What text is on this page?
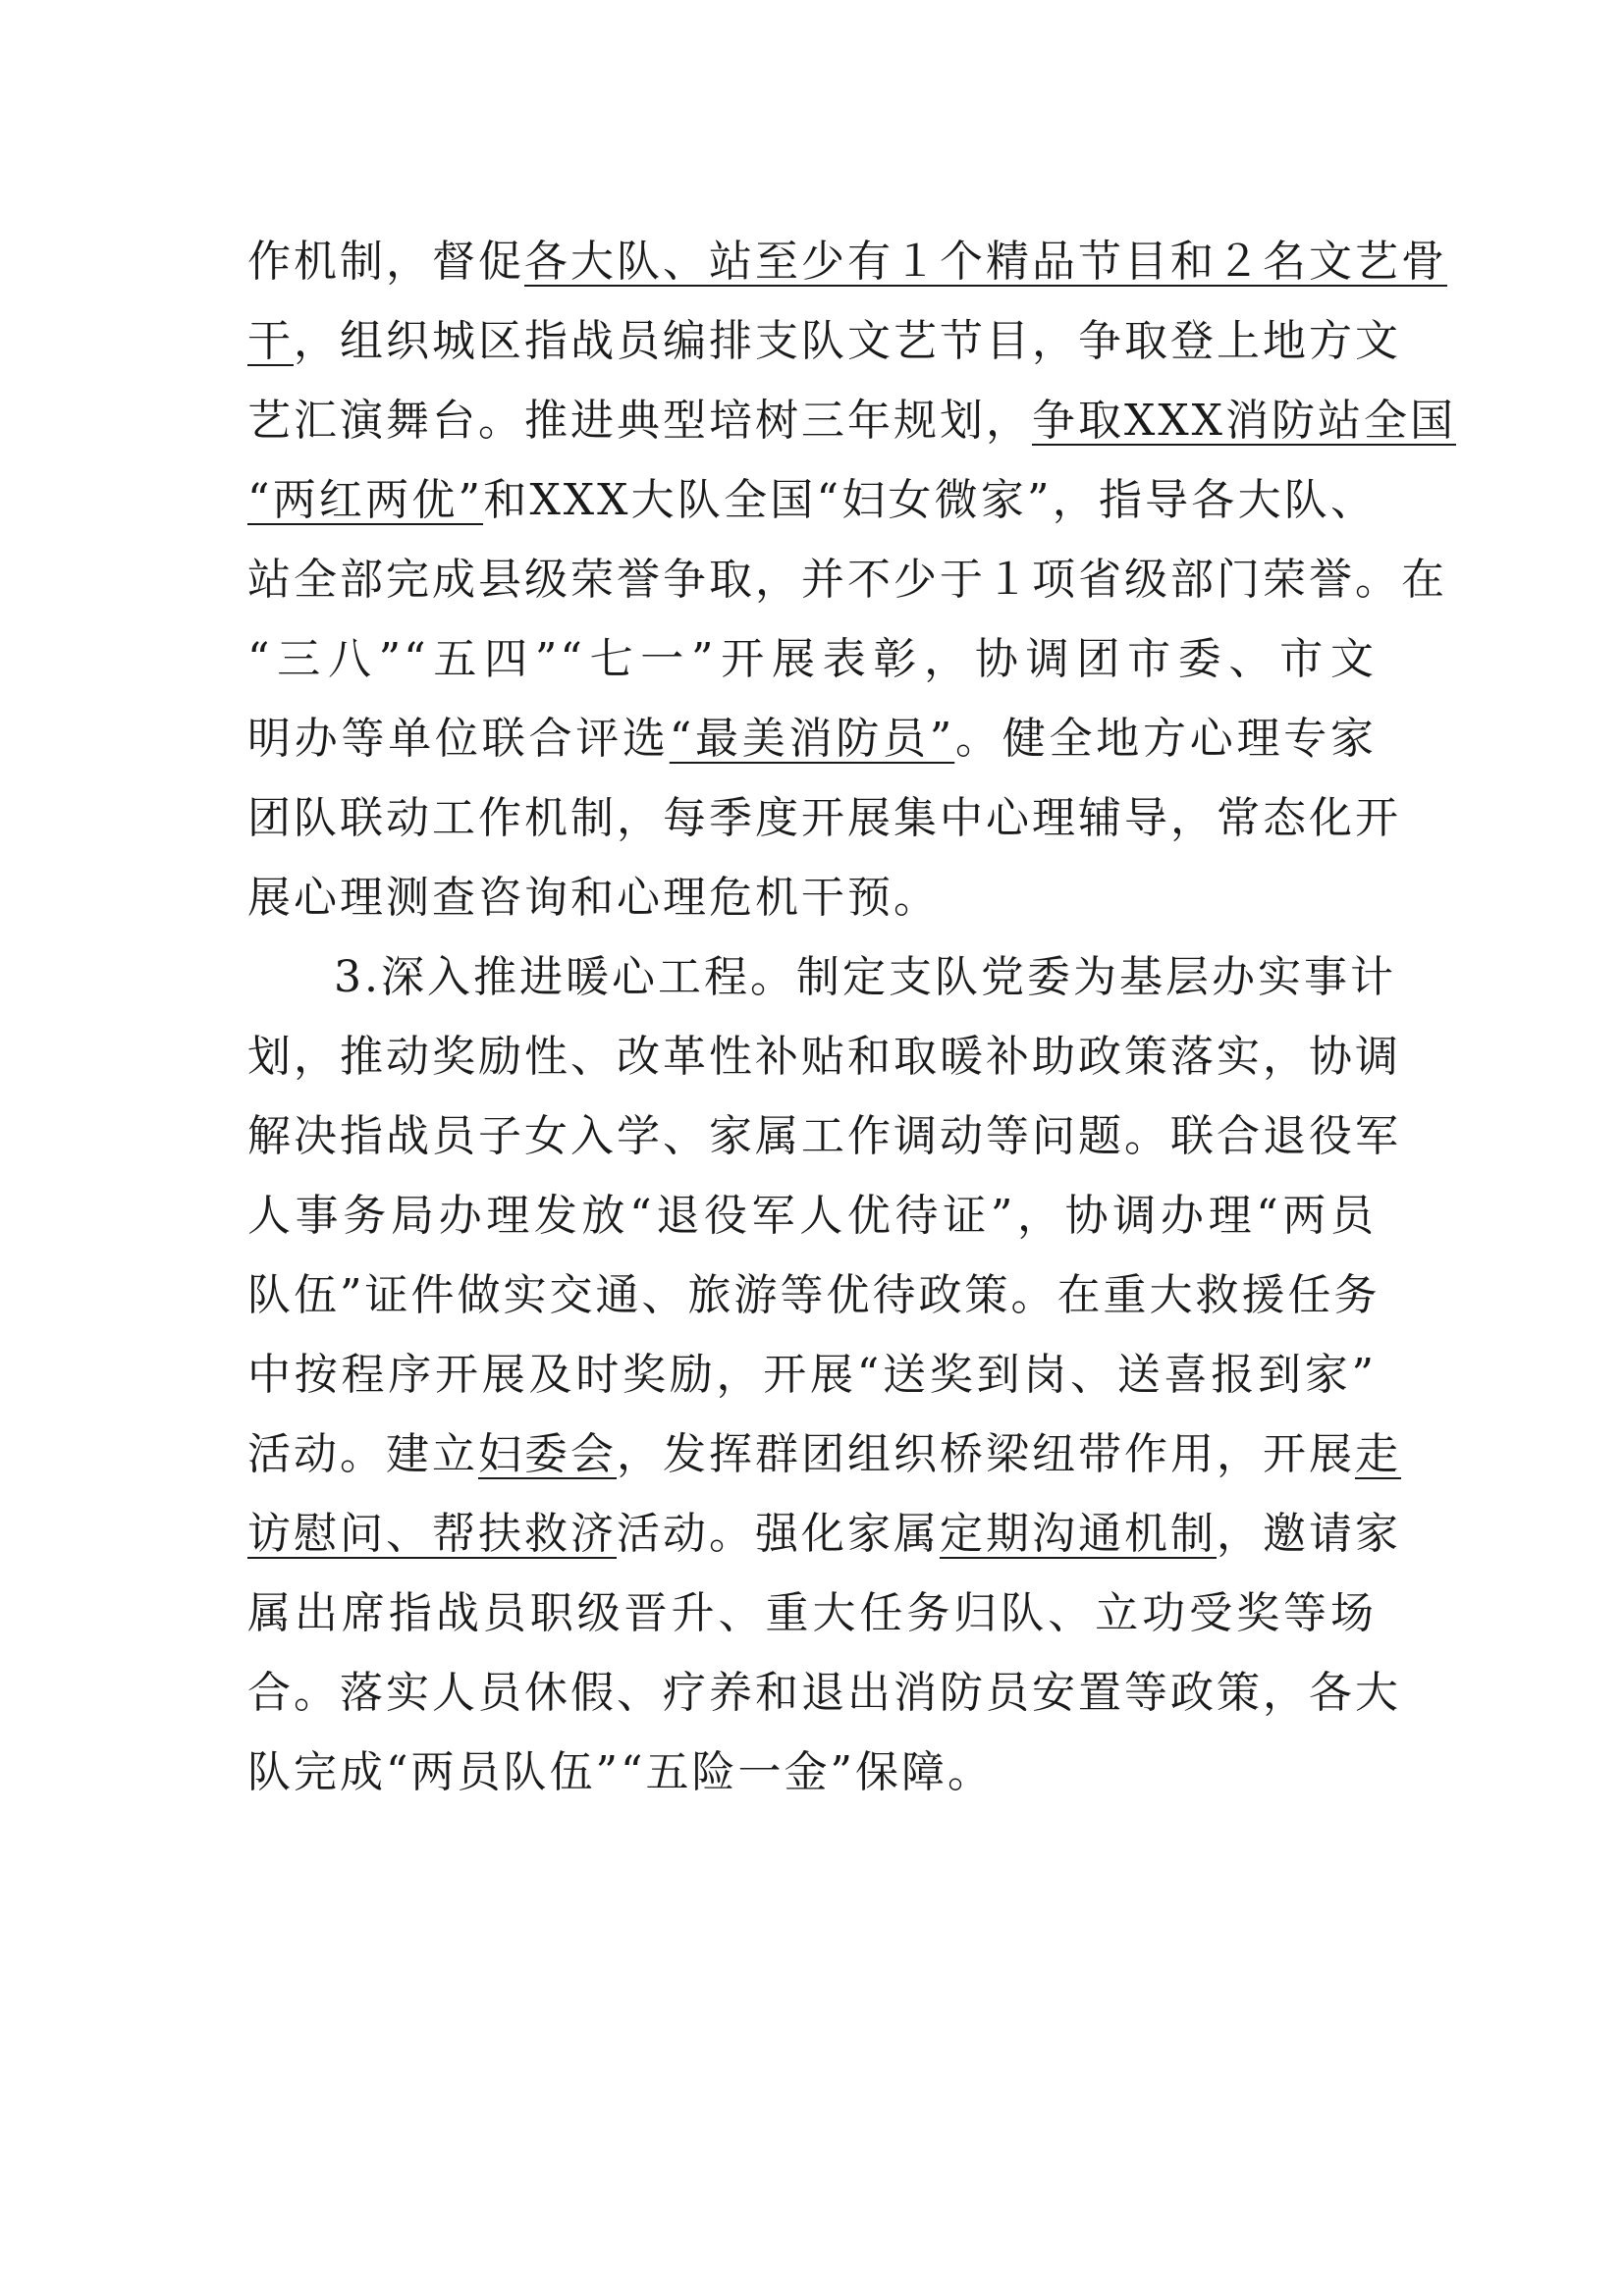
作机制，督促各大队、站至少有１个精品节目和２名文艺骨
干，组织城区指战员编排支队文艺节目，争取登上地方文
艺汇演舞台。推进典型培树三年规划，争取XXX消防站全国
“两红两优”和XXX大队全国“妇女微家”，指导各大队、
站全部完成县级荣誉争取，并不少于１项省级部门荣誉。在
“三八”“五四”“七一”开展表彰，协调团市委、市文
明办等单位联合评选“最美消防员”。健全地方心理专家
团队联动工作机制，每季度开展集中心理辅导，常态化开
展心理测查咨询和心理危机干预。
3.深入推进暖心工程。制定支队党委为基层办实事计
划，推动奖励性、改革性补贴和取暖补助政策落实，协调
解决指战员子女入学、家属工作调动等问题。联合退役军
人事务局办理发放“退役军人优待证”，协调办理“两员
队伍”证件做实交通、旅游等优待政策。在重大救援任务
中按程序开展及时奖励，开展“送奖到岗、送喜报到家”
活动。建立妇委会，发挥群团组织桥梁纽带作用，开展走
访慰问、帮扶救济活动。强化家属定期沟通机制，邀请家
属出席指战员职级晋升、重大任务归队、立功受奖等场
合。落实人员休假、疗养和退出消防员安置等政策，各大
队完成“两员队伍”“五险一金”保障。
